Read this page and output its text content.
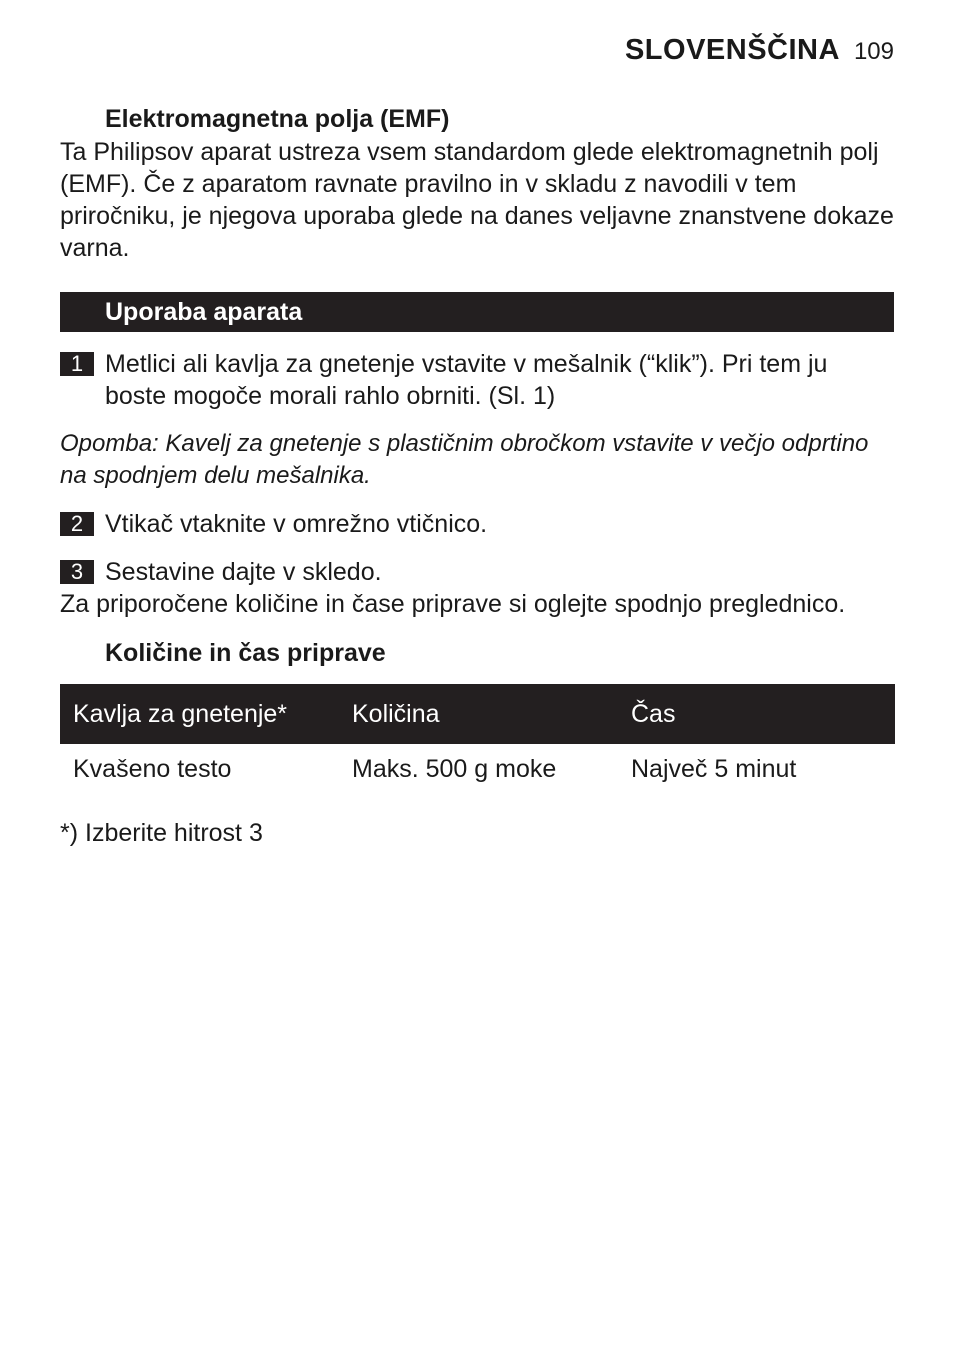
SLOVENŠČINA 109
Elektromagnetna polja (EMF)
Ta Philipsov aparat ustreza vsem standardom glede elektromagnetnih polj (EMF). Če z aparatom ravnate pravilno in v skladu z navodili v tem priročniku, je njegova uporaba glede na danes veljavne znanstvene dokaze varna.
Uporaba aparata
1 Metlici ali kavlja za gnetenje vstavite v mešalnik (“klik”). Pri tem ju boste mogoče morali rahlo obrniti. (Sl. 1)
Opomba: Kavelj za gnetenje s plastičnim obročkom vstavite v večjo odprtino na spodnjem delu mešalnika.
2 Vtikač vtaknite v omrežno vtičnico.
3 Sestavine dajte v skledo.
Za priporočene količine in čase priprave si oglejte spodnjo preglednico.
Količine in čas priprave
Kavlja za gnetenje*	Količina	Čas
Kvašeno testo	Maks. 500 g moke	Največ 5 minut
*) Izberite hitrost 3
